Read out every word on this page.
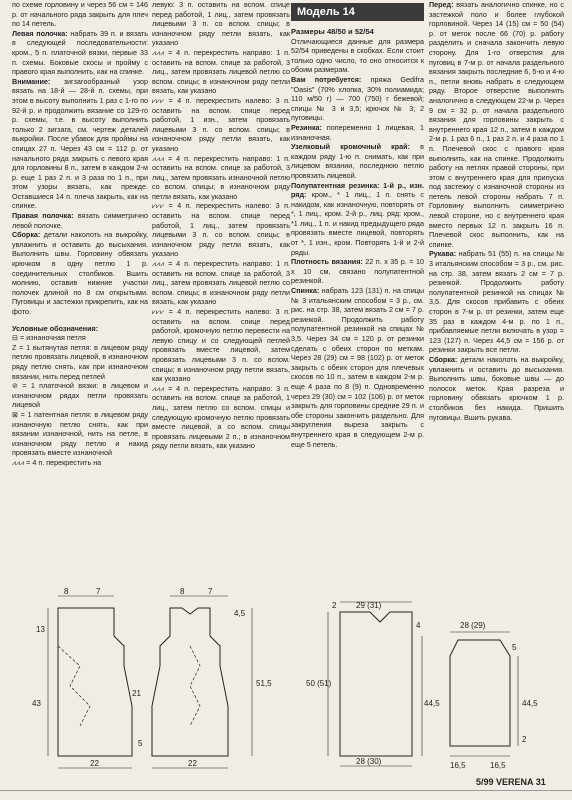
по схеме горловину и через 56 см = 146 р. от начального ряда закрыть для плеч по 14 петель.

Левая полочка: набрать 39 п. и вязать в следующей последовательности: кром., 5 п. платочной вязки, первые 33 п. схемы. Боковые скосы и пройму с правого края выполнить, как на спинке.

Внимание: зигзагообразный узор вязать на 18-й — 28-й п. схемы, при этом в высоту выполнить 1 раз с 1-го по 92-й р. и продолжить вязание со 129-го р. схемы, т.е. в высоту выполнить только 2 зигзага, см. чертеж деталей выкройки. После убавок для проймы на спицах 27 п. Через 43 см = 112 р. от начального ряда закрыть с левого края для горловины 8 п., затем в каждом 2-м р. еще 1 раз 2 п. и 3 раза по 1 п., при этом узоры вязать, как прежде. Оставшиеся 14 п. плеча закрыть, как на спинке.

Правая полочка: вязать симметрично левой полочке.

Сборка: детали наколоть на выкройку, увлажнить и оставить до высыхания. Выполнить швы. Горловину обвязать крючком в одну петлю 1 р. соединительных столбиков. Вшить молнию, оставив нижние участки полочек длиной по 8 см открытыми. Пуговицы и застежки прикрепить, как на фото.

Условные обозначения:

⊟ = изнаночная петля

Z = 1 вытянутая петля: в лицевом ряду петлю провязать лицевой, в изнаночном ряду петлю снять, как при изнаночном вязании, нить перед петлей

⊘ = 1 платочной вязки: в лицевом и изнаночном рядах петли провязать лицевой

⊠ = 1 патентная петля: в лицевом ряду изнаночную петлю снять, как при вязании изнаночной, нить на петле, в изнаночном ряду петлю и накид провязать вместе изнаночной

⩘⩘⩘ = 4 п. перекрестить на

левую: 3 п. оставить на вспом. спице перед работой, 1 лиц., затем провязать лицевыми 3 п. со вспом. спицы; в изнаночном ряду петли вязать, как указано

⩘⩘⩘ = 4 п. перекрестить направо: 1 п. оставить на вспом. спице за работой, 3 лиц., затем провязать лицевой петлю со вспом. спицы; в изнаночном ряду петли вязать, как указано

⩗⩗⩗ = 4 п. перекрестить налево: 3 п. оставить на вспом. спице перед работой, 1 изн., затем провязать лицевыми 3 п. со вспом. спицы; в изнаночном ряду петли вязать, как указано

⩘⩘⩘ = 4 п. перекрестить направо: 1 п. оставить на вспом. спице за работой, 3 лиц., затем провязать изнаночной петлю со вспом. спицы; в изнаночном ряду петли вязать, как указано

⩗⩗⩗ = 4 п. перекрестить налево: 3 п. оставить на вспом. спице перед работой, 1 лиц., затем провязать лицевыми 3 п. со вспом. спицы; в изнаночном ряду петли вязать, как указано

⩘⩘⩘ = 4 п. перекрестить направо: 1 п. оставить на вспом. спице за работой, 3 лиц., затем провязать лицевой петлю со вспом. спицы; в изнаночном ряду петли вязать, как указано

⩗⩗⩗ = 4 п. перекрестить налево: 3 п. оставить на вспом. спице перед работой, кромочную петлю перевести на левую спицу и со следующей петлей провязать вместе лицевой, затем провязать лицевыми 3 п. со вспом. спицы; в изнаночном ряду петли вязать, как указано

⩘⩘⩘ = 4 п. перекрестить направо: 3 п. оставить на вспом. спице за работой, 1 лиц., затем петлю со вспом. спицы и следующую кромочную петлю провязать вместе лицевой, а со вспом. спицы провязать лицевыми 2 п.; в изнаночном ряду петли вязать, как указано

Модель 14

Размеры 48/50 и 52/54

Отличающиеся данные для размера 52/54 приведены в скобках. Если стоит только одно число, то оно относится к обоим размерам.

Вам потребуется: пряжа Gedifra "Oasis" (70% хлопка, 30% полиамида; 110 м/50 г) — 700 (750) г бежевой; спицы № 3 и 3,5; крючок № 3; 2 пуговицы.

Резинка: попеременно 1 лицевая, 1 изнаночная.

Узелковый кромочный край: в каждом ряду 1-ю п. снимать, как при лицевом вязании, последнюю петлю провязать лицевой.

Полупатентная резинка: 1-й р., изн. ряд: кром., * 1 лиц., 1 п. снять с накидом, как изнаночную, повторять от *, 1 лиц., кром. 2-й р., лиц. ряд: кром., *1 лиц., 1 п. и накид предыдущего ряда провязать вместе лицевой, повторять от *, 1 изн., кром. Повторять 1-й и 2-й ряды.

Плотность вязания: 22 п. х 35 р. = 10 х 10 см, связано полупатентной резинкой.

Спинка: набрать 123 (131) п. на спицы № 3 итальянским способом = 3 р., см. рис. на стр. 38, затем вязать 2 см = 7 р. резинкой. Продолжить работу полупатентной резинкой на спицах № 3,5. Через 34 см = 120 р. от резинки сделать с обеих сторон по меткам. Через 28 (29) см = 98 (102) р. от меток закрыть с обеих сторон для плечевых скосов по 10 п., затем в каждом 2-м р. еще 4 раза по 8 (9) п. Одновременно через 29 (30) см = 102 (106) р. от меток закрыть для горловины средние 29 п. и обе стороны закончить раздельно. Для закругления выреза закрыть с внутреннего края в следующем 2-м р. еще 5 петель.

Перед: вязать аналогично спинке, но с застежкой поло и более глубокой горловиной. Через 14 (15) см = 50 (54) р. от меток после 66 (70) р. работу разделить и сначала закончить левую сторону. Для 1-го отверстия для пуговиц в 7-м р. от начала раздельного вязания закрыть последние 6, 5-ю и 4-ю п., петли вновь набрать в следующем ряду. Второе отверстие выполнить аналогично в следующем 22-м р. Через 9 см = 32 р. от начала раздельного вязания для горловины закрыть с внутреннего края 12 п., затем в каждом 2-м р. 1 раз 6 п., 1 раз 2 п. и 4 раза по 1 п. Плечевой скос с правого края выполнить, как на спинке. Продолжить работу на петлях правой стороны, при этом с внутреннего края для припуска под застежку с изнаночной стороны из петель левой стороны набрать 7 п. Горловину выполнить симметрично левой стороне, но с внутреннего края вместо первых 12 п. закрыть 16 п. Плечевой скос выполнить, как на спинке.

Рукава: набрать 51 (55) п. на спицы № 3 итальянским способом = 3 р., см. рис. на стр. 38, затем вязать 2 см = 7 р. резинкой. Продолжить работу полупатентной резинкой на спицах № 3,5. Для скосов прибавить с обеих сторон в 7-м р. от резинки, затем еще 35 раз в каждом 4-м р. по 1 п., прибавляемые петли включать в узор = 123 (127) п. Через 44,5 см = 156 р. от резинки закрыть все петли.

Сборка: детали наколоть на выкройку, увлажнить и оставить до высыхания. Выполнить швы, боковые швы — до полосок меток. Края разреза и горловину обвязать крючком 1 р. столбиков без накида. Пришить пуговицы. Вшить рукава.

8	7	8	7
13
4,5
43
21
51,5
22	22
5
29 (31)
2
4
50 (51)
44,5
28 (30)
28 (29)
5
44,5
2
16,5	16,5
5/99 VERENA 31
